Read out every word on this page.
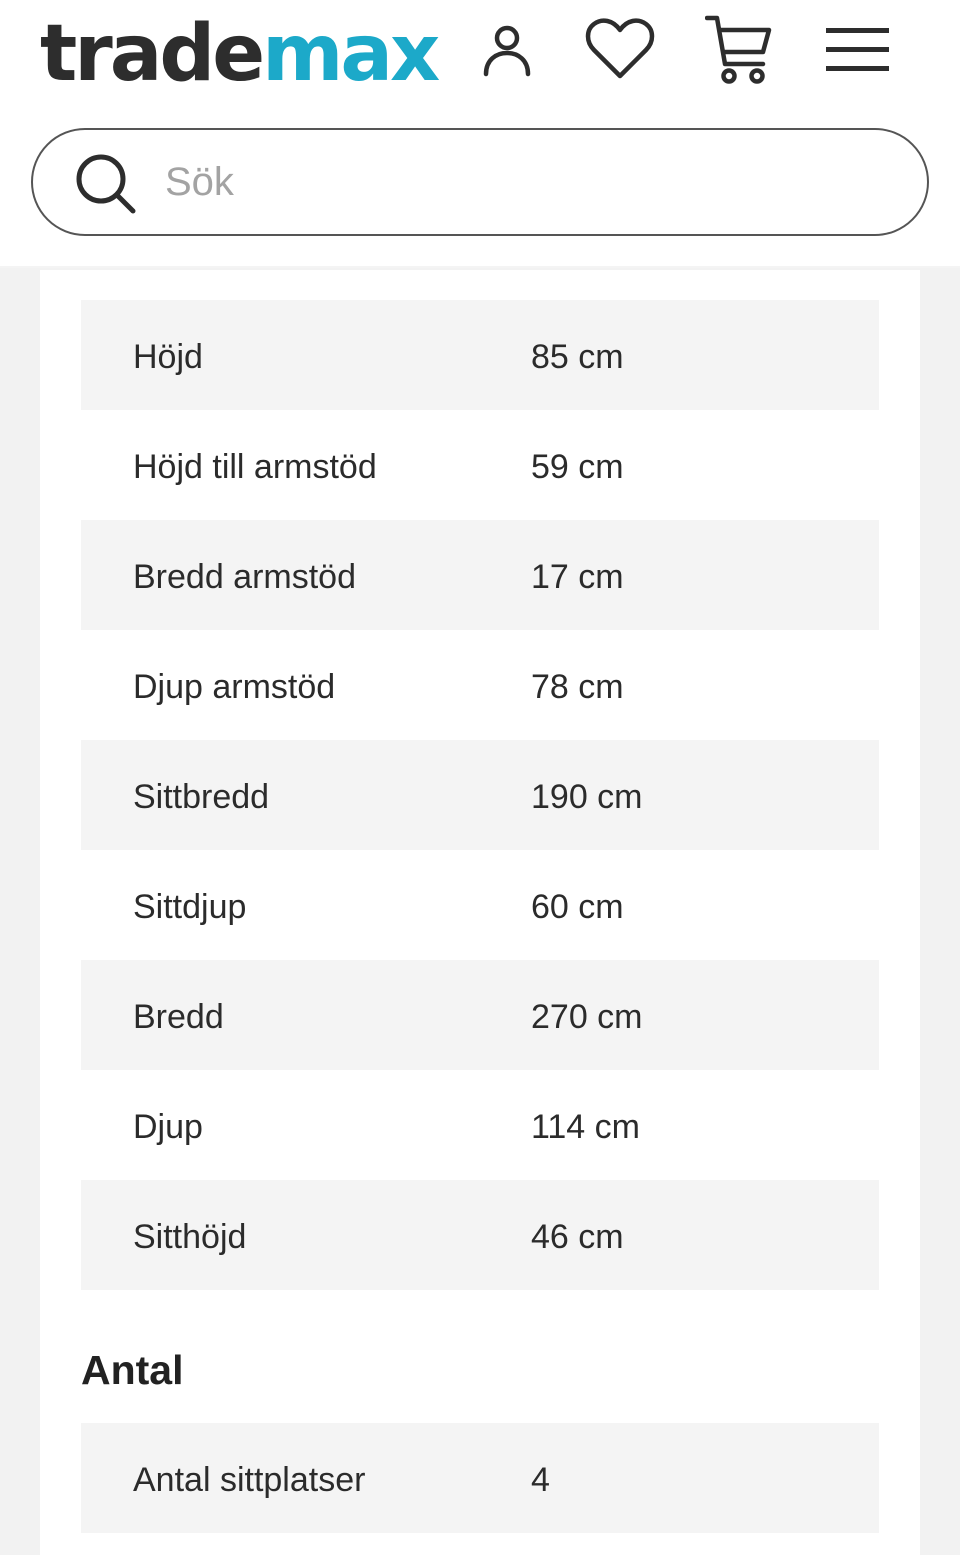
trademax
Sök
Höjd	85 cm
Höjd till armstöd	59 cm
Bredd armstöd	17 cm
Djup armstöd	78 cm
Sittbredd	190 cm
Sittdjup	60 cm
Bredd	270 cm
Djup	114 cm
Sitthöjd	46 cm
Antal
Antal sittplatser	4
